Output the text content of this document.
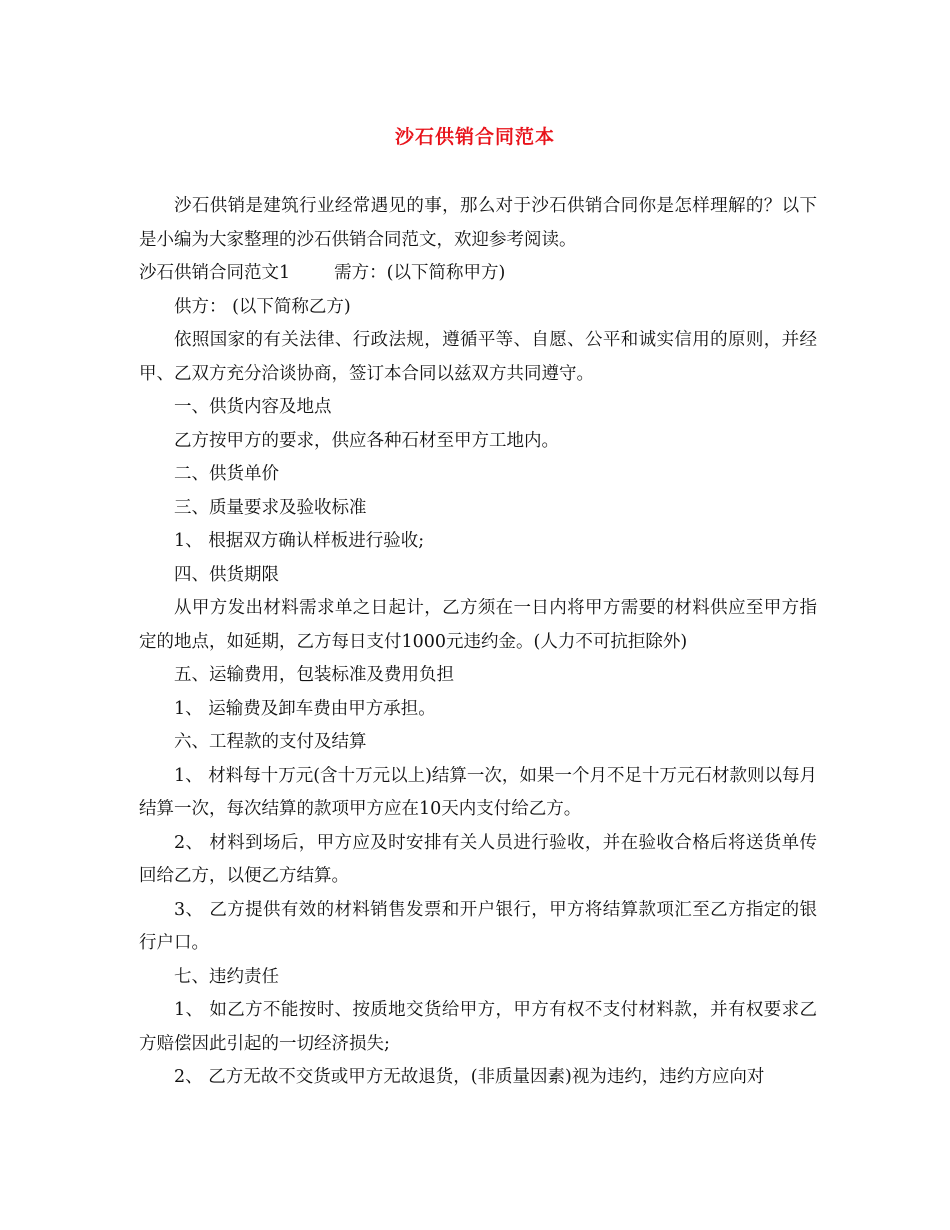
沙石供销合同范本

沙石供销是建筑行业经常遇见的事，那么对于沙石供销合同你是怎样理解的？以下是小编为大家整理的沙石供销合同范文，欢迎参考阅读。

沙石供销合同范文1	需方：(以下简称甲方)

供方： (以下简称乙方)

依照国家的有关法律、行政法规，遵循平等、自愿、公平和诚实信用的原则，并经甲、乙双方充分洽谈协商，签订本合同以兹双方共同遵守。

一、供货内容及地点

乙方按甲方的要求，供应各种石材至甲方工地内。

二、供货单价

三、质量要求及验收标准

1、 根据双方确认样板进行验收;

四、供货期限

从甲方发出材料需求单之日起计，乙方须在一日内将甲方需要的材料供应至甲方指定的地点，如延期，乙方每日支付1000元违约金。(人力不可抗拒除外)

五、运输费用，包装标准及费用负担

1、 运输费及卸车费由甲方承担。

六、工程款的支付及结算

1、 材料每十万元(含十万元以上)结算一次，如果一个月不足十万元石材款则以每月结算一次，每次结算的款项甲方应在10天内支付给乙方。

2、 材料到场后，甲方应及时安排有关人员进行验收，并在验收合格后将送货单传回给乙方，以便乙方结算。

3、 乙方提供有效的材料销售发票和开户银行，甲方将结算款项汇至乙方指定的银行户口。

七、违约责任

1、 如乙方不能按时、按质地交货给甲方，甲方有权不支付材料款，并有权要求乙方赔偿因此引起的一切经济损失;

2、 乙方无故不交货或甲方无故退货，(非质量因素)视为违约，违约方应向对
